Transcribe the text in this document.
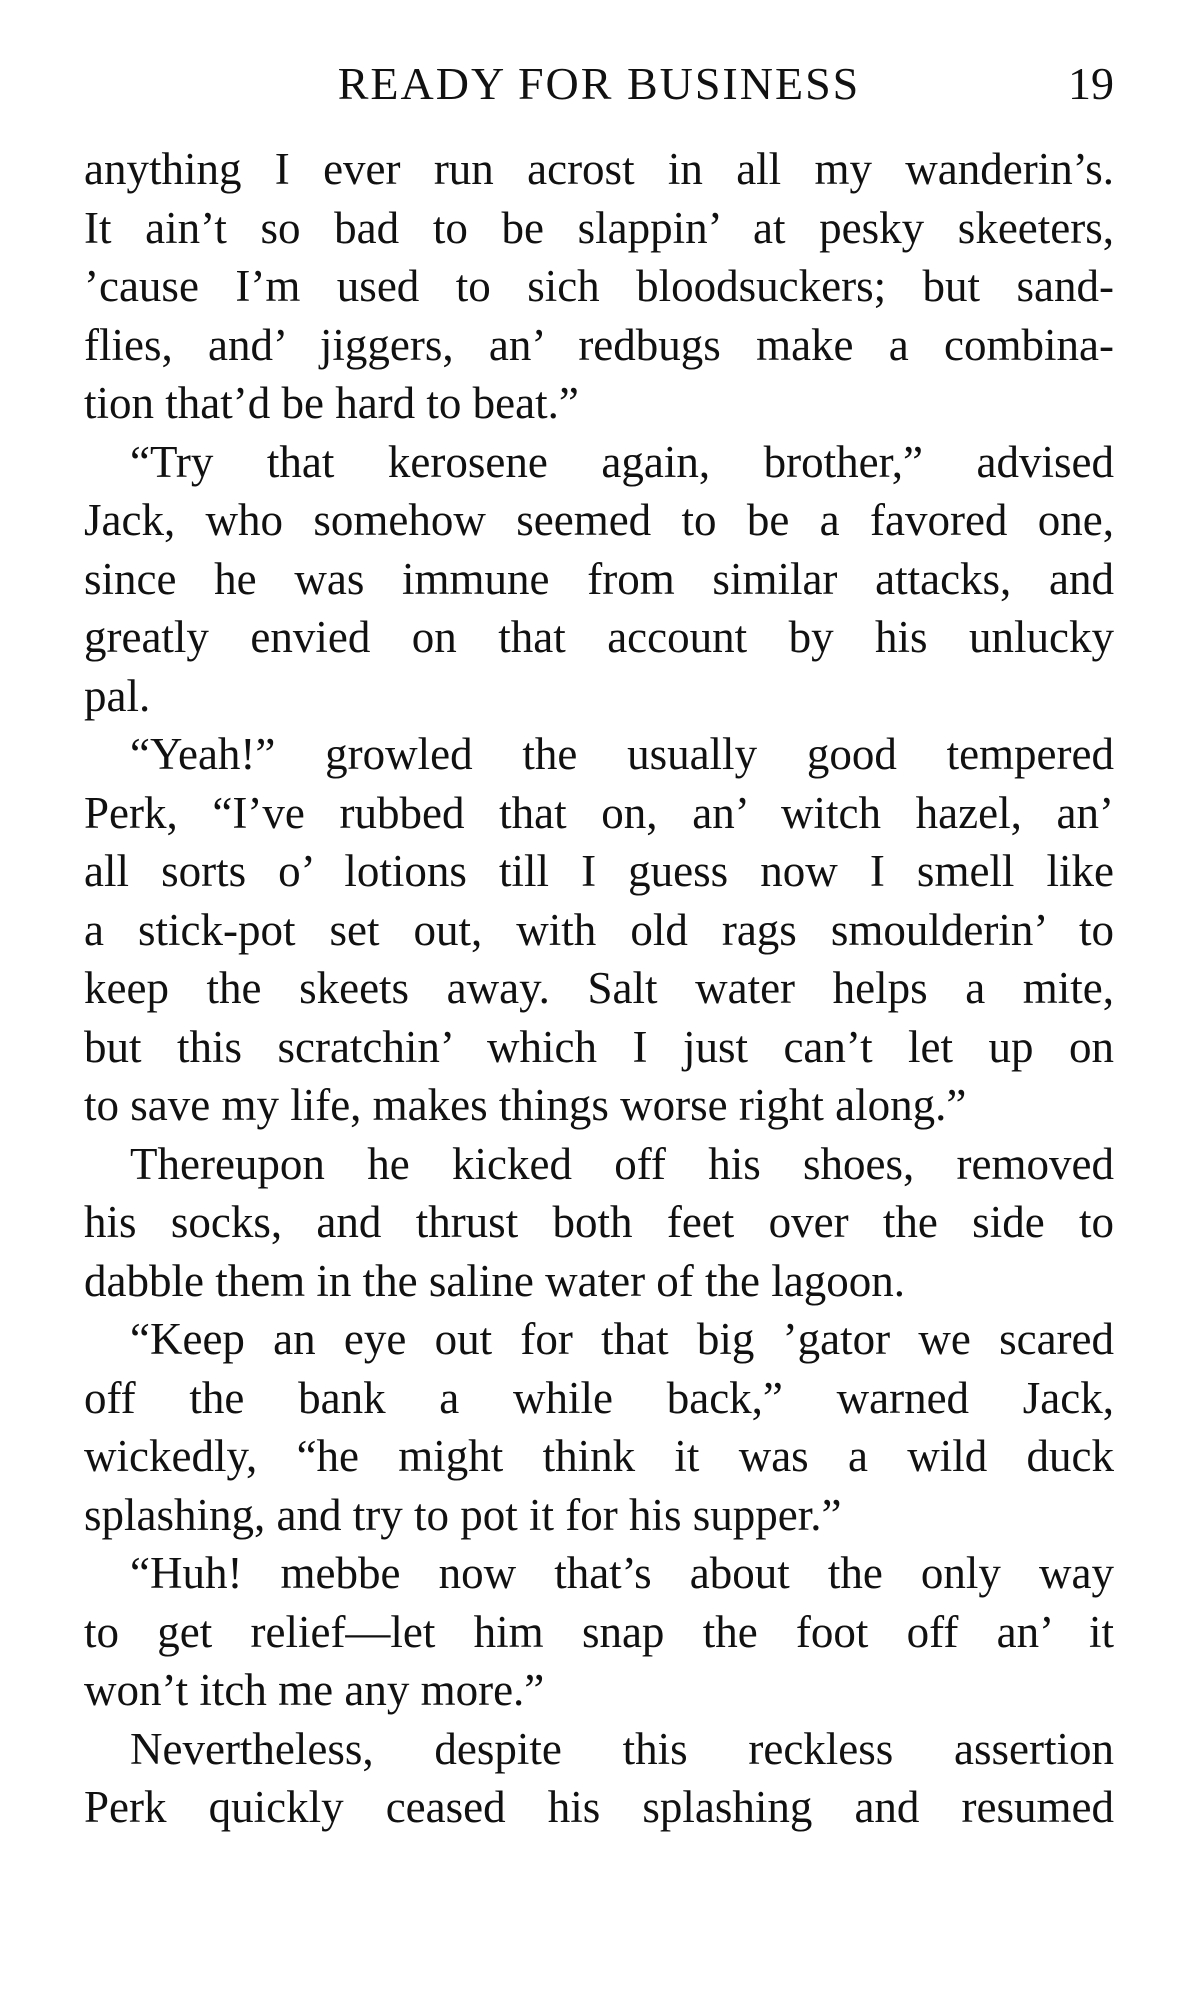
READY FOR BUSINESS	19
anything I ever run acrost in all my wanderin’s.
It ain’t so bad to be slappin’ at pesky skeeters,
’cause I’m used to sich bloodsuckers; but sand-
flies, and’ jiggers, an’ redbugs make a combina-
tion that’d be hard to beat.”
“Try that kerosene again, brother,” advised
Jack, who somehow seemed to be a favored one,
since he was immune from similar attacks, and
greatly envied on that account by his unlucky
pal.
“Yeah!” growled the usually good tempered
Perk, “I’ve rubbed that on, an’ witch hazel, an’
all sorts o’ lotions till I guess now I smell like
a stick-pot set out, with old rags smoulderin’ to
keep the skeets away. Salt water helps a mite,
but this scratchin’ which I just can’t let up on
to save my life, makes things worse right along.”
Thereupon he kicked off his shoes, removed
his socks, and thrust both feet over the side to
dabble them in the saline water of the lagoon.
“Keep an eye out for that big ’gator we scared
off the bank a while back,” warned Jack,
wickedly, “he might think it was a wild duck
splashing, and try to pot it for his supper.”
“Huh! mebbe now that’s about the only way
to get relief—let him snap the foot off an’ it
won’t itch me any more.”
Nevertheless, despite this reckless assertion
Perk quickly ceased his splashing and resumed
